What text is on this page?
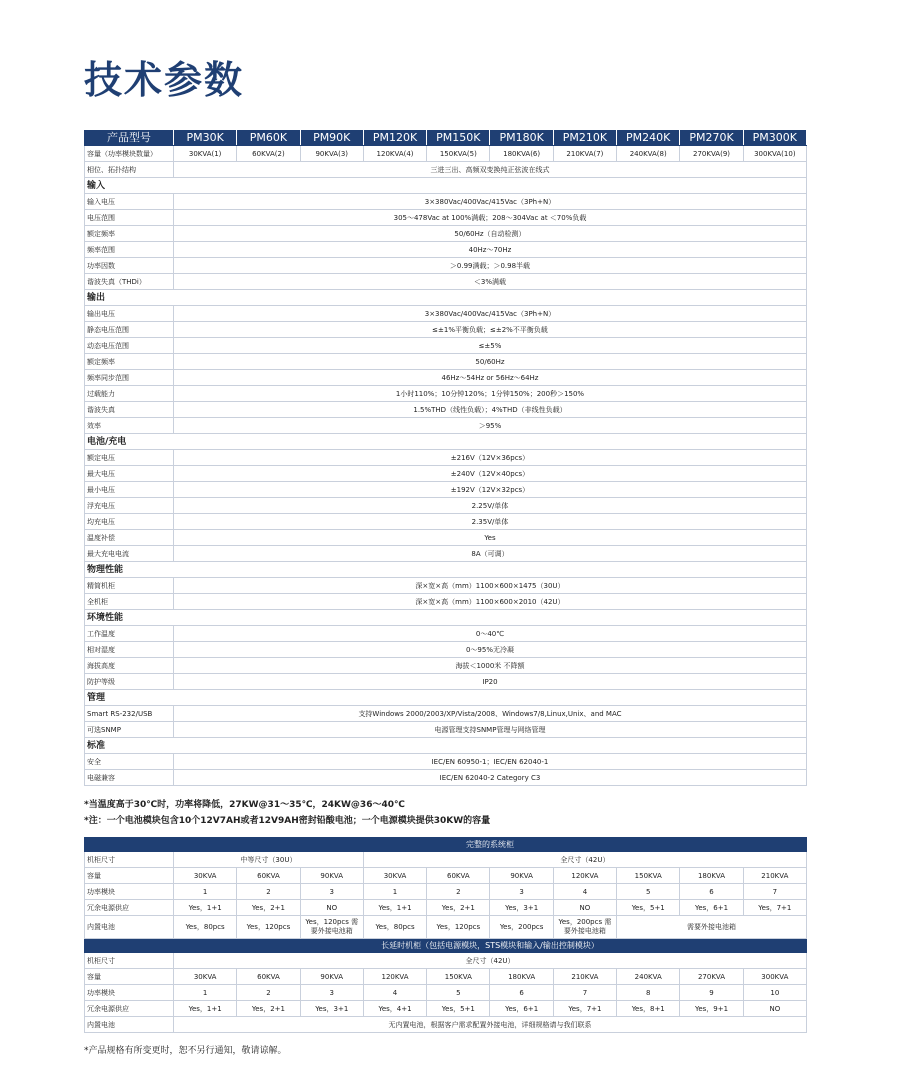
技术参数
产品型号	PM30K	PM60K	PM90K	PM120K	PM150K	PM180K	PM210K	PM240K	PM270K	PM300K
容量（功率模块数量）	30KVA(1)	60KVA(2)	90KVA(3)	120KVA(4)	150KVA(5)	180KVA(6)	210KVA(7)	240KVA(8)	270KVA(9)	300KVA(10)
相位、拓扑结构	三进三出、高频双变换纯正弦波在线式									
输入										
输入电压	3×380Vac/400Vac/415Vac（3Ph+N）									
电压范围	305～478Vac at 100%满载；208～304Vac at ＜70%负载									
额定频率	50/60Hz（自动检测）									
频率范围	40Hz～70Hz									
功率因数	＞0.99满载；＞0.98半载									
谐波失真（THDi）	＜3%满载									
输出										
输出电压	3×380Vac/400Vac/415Vac（3Ph+N）									
静态电压范围	≤±1%平衡负载；≤±2%不平衡负载									
动态电压范围	≤±5%									
额定频率	50/60Hz									
频率同步范围	46Hz～54Hz or 56Hz～64Hz									
过载能力	1小时110%；10分钟120%；1分钟150%；200秒＞150%									
谐波失真	1.5%THD（线性负载）；4%THD（非线性负载）									
效率	＞95%									
电池/充电										
额定电压	±216V（12V×36pcs）									
最大电压	±240V（12V×40pcs）									
最小电压	±192V（12V×32pcs）									
浮充电压	2.25V/单体									
均充电压	2.35V/单体									
温度补偿	Yes									
最大充电电流	8A（可调）									
物理性能										
精简机柜	深×宽×高（mm）1100×600×1475（30U）									
全机柜	深×宽×高（mm）1100×600×2010（42U）									
环境性能										
工作温度	0～40℃									
相对湿度	0～95%无冷凝									
海拔高度	海拔＜1000米 不降额									
防护等级	IP20									
管理										
Smart RS-232/USB	支持Windows 2000/2003/XP/Vista/2008、Windows7/8,Linux,Unix、and MAC									
可选SNMP	电源管理支持SNMP管理与网络管理									
标准										
安全	IEC/EN 60950-1；IEC/EN 62040-1									
电磁兼容	IEC/EN 62040-2 Category C3									

*当温度高于30℃时，功率将降低，27KW@31～35℃，24KW@36～40℃

*注：一个电池模块包含10个12V7AH或者12V9AH密封铅酸电池；一个电源模块提供30KW的容量

	完整的系统柜									
机柜尺寸	中等尺寸（30U）			全尺寸（42U）						
容量	30KVA	60KVA	90KVA	30KVA	60KVA	90KVA	120KVA	150KVA	180KVA	210KVA
功率模块	1	2	3	1	2	3	4	5	6	7
冗余电源供应	Yes，1+1	Yes，2+1	NO	Yes，1+1	Yes，2+1	Yes，3+1	NO	Yes，5+1	Yes，6+1	Yes，7+1
内置电池	Yes，80pcs	Yes，120pcs	Yes，120pcs 需要外接电池箱	Yes，80pcs	Yes，120pcs	Yes，200pcs	Yes，200pcs 需要外接电池箱	需要外接电池箱		
	长延时机柜（包括电源模块，STS模块和输入/输出控制模块）									
机柜尺寸	全尺寸（42U）									
容量	30KVA	60KVA	90KVA	120KVA	150KVA	180KVA	210KVA	240KVA	270KVA	300KVA
功率模块	1	2	3	4	5	6	7	8	9	10
冗余电源供应	Yes，1+1	Yes，2+1	Yes，3+1	Yes，4+1	Yes，5+1	Yes，6+1	Yes，7+1	Yes，8+1	Yes，9+1	NO
内置电池	无内置电池，根据客户需求配置外接电池，详细规格请与我们联系									

*产品规格有所变更时，恕不另行通知，敬请谅解。
